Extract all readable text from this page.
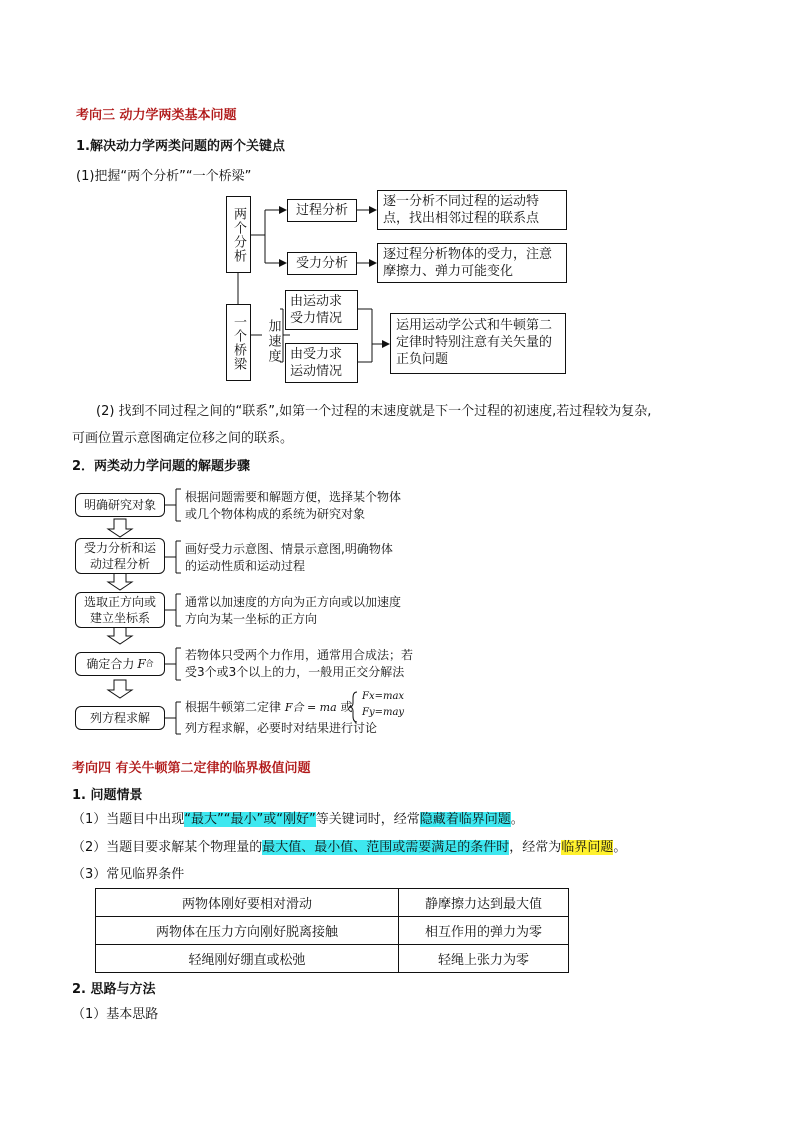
考向三 动力学两类基本问题
1.解决动力学两类问题的两个关键点
(1)把握“两个分析”“一个桥梁”
两个分析
一个桥梁 加速度
过程分析
逐一分析不同过程的运动特点，找出相邻过程的联系点
受力分析
逐过程分析物体的受力，注意摩擦力、弹力可能变化
由运动求受力情况
由受力求运动情况
运用运动学公式和牛顿第二定律时特别注意有关矢量的正负问题
(2) 找到不同过程之间的“联系”,如第一个过程的末速度就是下一个过程的初速度,若过程较为复杂,
可画位置示意图确定位移之间的联系。
2．两类动力学问题的解题步骤
明确研究对象
受力分析和运动过程分析
选取正方向或建立坐标系
确定合力 F 合
列方程求解
根据问题需要和解题方便，选择某个物体
或几个物体构成的系统为研究对象
画好受力示意图、情景示意图,明确物体
的运动性质和运动过程
通常以加速度的方向为正方向或以加速度
方向为某一坐标的正方向
若物体只受两个力作用，通常用合成法；若
受3个或3个以上的力，一般用正交分解法
根据牛顿第二定律 F合 = ma 或
Fx=max
Fy=may
列方程求解，必要时对结果进行讨论
考向四 有关牛顿第二定律的临界极值问题
1. 问题情景
（1）当题目中出现“最大”“最小”或“刚好”等关键词时，经常隐藏着临界问题。
（2）当题目要求解某个物理量的最大值、最小值、范围或需要满足的条件时，经常为临界问题。
（3）常见临界条件
两物体刚好要相对滑动	静摩擦力达到最大值
两物体在压力方向刚好脱离接触	相互作用的弹力为零
轻绳刚好绷直或松弛	轻绳上张力为零
2. 思路与方法
（1）基本思路
